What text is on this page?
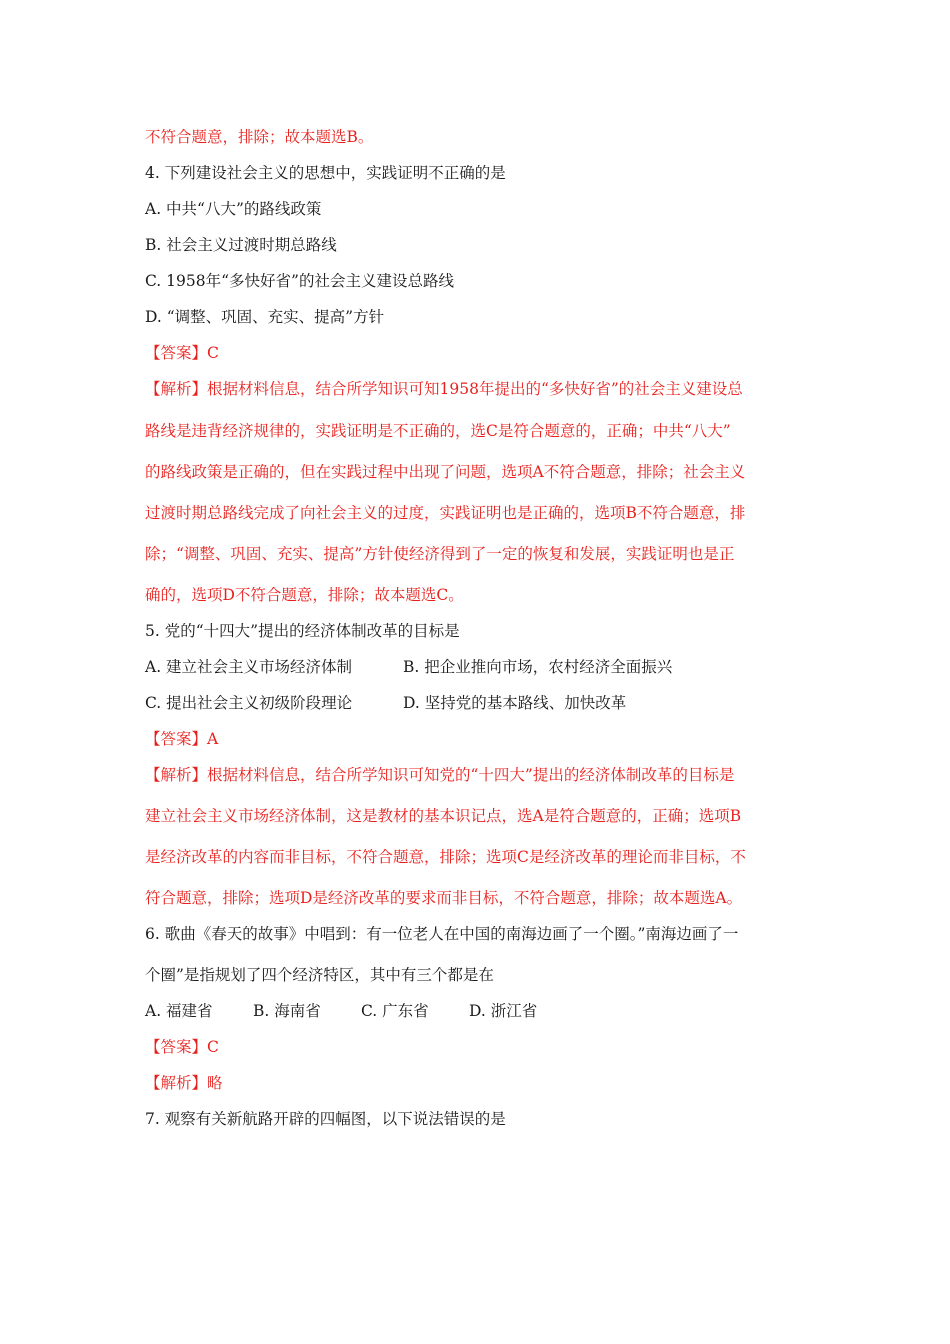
不符合题意，排除；故本题选B。
4. 下列建设社会主义的思想中，实践证明不正确的是
A. 中共“八大”的路线政策
B. 社会主义过渡时期总路线
C. 1958年“多快好省”的社会主义建设总路线
D. “调整、巩固、充实、提高”方针
【答案】C
【解析】根据材料信息，结合所学知识可知1958年提出的“多快好省”的社会主义建设总
路线是违背经济规律的，实践证明是不正确的，选C是符合题意的，正确；中共“八大”
的路线政策是正确的，但在实践过程中出现了问题，选项A不符合题意，排除；社会主义
过渡时期总路线完成了向社会主义的过度，实践证明也是正确的，选项B不符合题意，排
除；“调整、巩固、充实、提高”方针使经济得到了一定的恢复和发展，实践证明也是正
确的，选项D不符合题意，排除；故本题选C。
5. 党的“十四大”提出的经济体制改革的目标是
A. 建立社会主义市场经济体制	B. 把企业推向市场，农村经济全面振兴
C. 提出社会主义初级阶段理论	D. 坚持党的基本路线、加快改革
【答案】A
【解析】根据材料信息，结合所学知识可知党的“十四大”提出的经济体制改革的目标是
建立社会主义市场经济体制，这是教材的基本识记点，选A是符合题意的，正确；选项B
是经济改革的内容而非目标，不符合题意，排除；选项C是经济改革的理论而非目标，不
符合题意，排除；选项D是经济改革的要求而非目标，不符合题意，排除；故本题选A。
6. 歌曲《春天的故事》中唱到：有一位老人在中国的南海边画了一个圈。”南海边画了一
个圈”是指规划了四个经济特区，其中有三个都是在
A. 福建省	B. 海南省	C. 广东省	D. 浙江省
【答案】C
【解析】略
7. 观察有关新航路开辟的四幅图，以下说法错误的是
